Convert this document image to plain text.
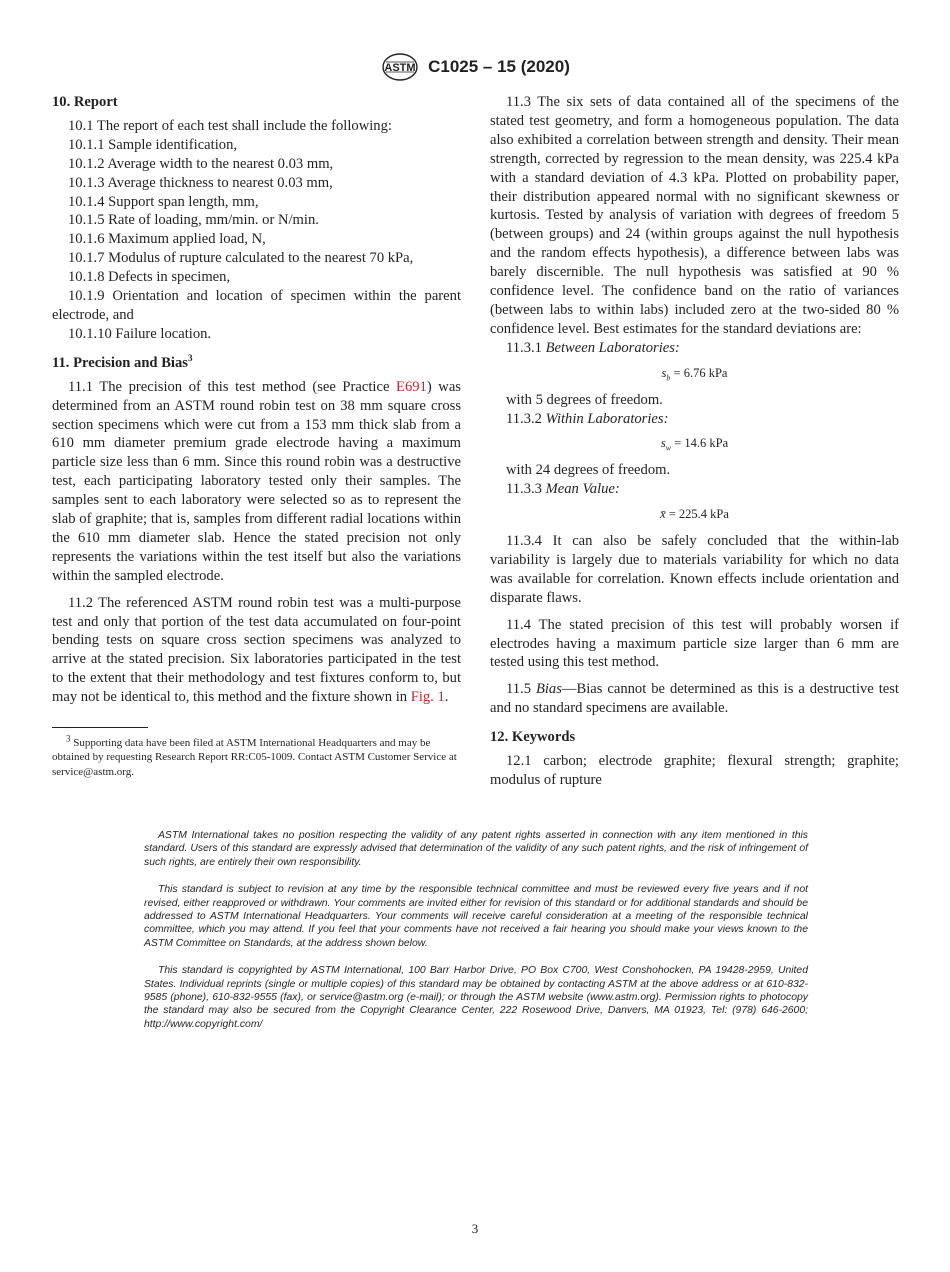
ASTM C1025 – 15 (2020)
10. Report

10.1 The report of each test shall include the following:

10.1.1 Sample identification,

10.1.2 Average width to the nearest 0.03 mm,

10.1.3 Average thickness to nearest 0.03 mm,

10.1.4 Support span length, mm,

10.1.5 Rate of loading, mm/min. or N/min.

10.1.6 Maximum applied load, N,

10.1.7 Modulus of rupture calculated to the nearest 70 kPa,

10.1.8 Defects in specimen,

10.1.9 Orientation and location of specimen within the parent electrode, and

10.1.10 Failure location.

11. Precision and Bias$^3$

11.1 The precision of this test method (see Practice E691) was determined from an ASTM round robin test on 38 mm square cross section specimens which were cut from a 153 mm thick slab from a 610 mm diameter premium grade electrode having a maximum particle size less than 6 mm. Since this round robin was a destructive test, each participating laboratory tested only their samples. The samples sent to each laboratory were selected so as to represent the slab of graphite; that is, samples from different radial locations within the 610 mm diameter slab. Hence the stated precision not only represents the variations within the test itself but also the variations within the sampled electrode.

11.2 The referenced ASTM round robin test was a multi-purpose test and only that portion of the test data accumulated on four-point bending tests on square cross section specimens was analyzed to arrive at the stated precision. Six laboratories participated in the test to the extent that their methodology and test fixtures conform to, but may not be identical to, this method and the fixture shown in Fig. 1.

$^3$ Supporting data have been filed at ASTM International Headquarters and may be obtained by requesting Research Report RR:C05-1009. Contact ASTM Customer Service at service@astm.org.

11.3 The six sets of data contained all of the specimens of the stated test geometry, and form a homogeneous population. The data also exhibited a correlation between strength and density. Their mean strength, corrected by regression to the mean density, was 225.4 kPa with a standard deviation of 4.3 kPa. Plotted on probability paper, their distribution appeared normal with no significant skewness or kurtosis. Tested by analysis of variation with degrees of freedom 5 (between groups) and 24 (within groups against the null hypothesis and the random effects hypothesis), a difference between labs was barely discernible. The null hypothesis was satisfied at 90 % confidence level. The confidence band on the ratio of variances (between labs to within labs) included zero at the two-sided 80 % confidence level. Best estimates for the standard deviations are:

11.3.1 Between Laboratories:

$s_b = 6.76$ kPa

with 5 degrees of freedom.

11.3.2 Within Laboratories:

$s_w = 14.6$ kPa

with 24 degrees of freedom.

11.3.3 Mean Value:

x̄ = 225.4 kPa

11.3.4 It can also be safely concluded that the within-lab variability is largely due to materials variability for which no data was available for correlation. Known effects include orientation and disparate flaws.

11.4 The stated precision of this test will probably worsen if electrodes having a maximum particle size larger than 6 mm are tested using this test method.

11.5 Bias—Bias cannot be determined as this is a destructive test and no standard specimens are available.

12. Keywords

12.1 carbon; electrode graphite; flexural strength; graphite; modulus of rupture

ASTM International takes no position respecting the validity of any patent rights asserted in connection with any item mentioned in this standard. Users of this standard are expressly advised that determination of the validity of any such patent rights, and the risk of infringement of such rights, are entirely their own responsibility.

This standard is subject to revision at any time by the responsible technical committee and must be reviewed every five years and if not revised, either reapproved or withdrawn. Your comments are invited either for revision of this standard or for additional standards and should be addressed to ASTM International Headquarters. Your comments will receive careful consideration at a meeting of the responsible technical committee, which you may attend. If you feel that your comments have not received a fair hearing you should make your views known to the ASTM Committee on Standards, at the address shown below.

This standard is copyrighted by ASTM International, 100 Barr Harbor Drive, PO Box C700, West Conshohocken, PA 19428-2959, United States. Individual reprints (single or multiple copies) of this standard may be obtained by contacting ASTM at the above address or at 610-832-9585 (phone), 610-832-9555 (fax), or service@astm.org (e-mail); or through the ASTM website (www.astm.org). Permission rights to photocopy the standard may also be secured from the Copyright Clearance Center, 222 Rosewood Drive, Danvers, MA 01923, Tel: (978) 646-2600; http://www.copyright.com/

3
